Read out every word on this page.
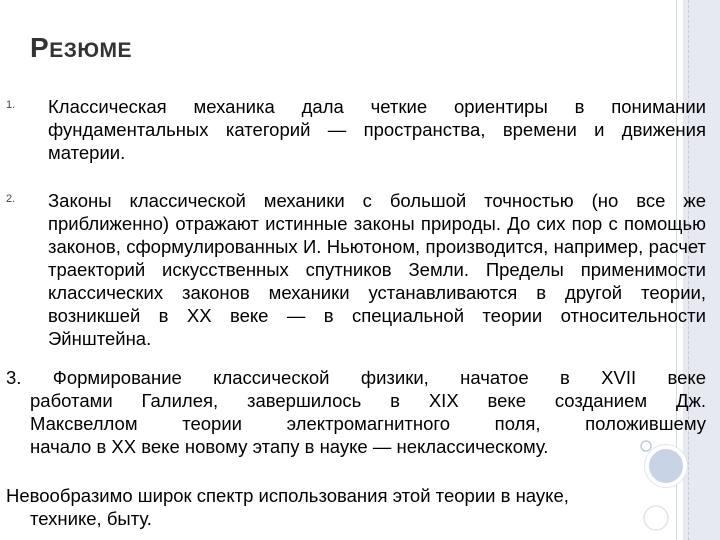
РЕЗЮМЕ
1. Классическая механика дала четкие ориентиры в понимании фундаментальных категорий — пространства, времени и движения материи.
2. Законы классической механики с большой точностью (но все же приближенно) отражают истинные законы природы. До сих пор с помощью законов, сформулированных И. Ньютоном, производится, например, расчет траекторий искусственных спутников Земли. Пределы применимости классических законов механики устанавливаются в другой теории, возникшей в XX веке — в специальной теории относительности Эйнштейна.
3. Формирование классической физики, начатое в XVII веке
работами Галилея, завершилось в XIX веке созданием Дж.
Максвеллом теории электромагнитного поля, положившему
начало в XX веке новому этапу в науке — неклассическому.
Невообразимо широк спектр использования этой теории в науке,
технике, быту.
